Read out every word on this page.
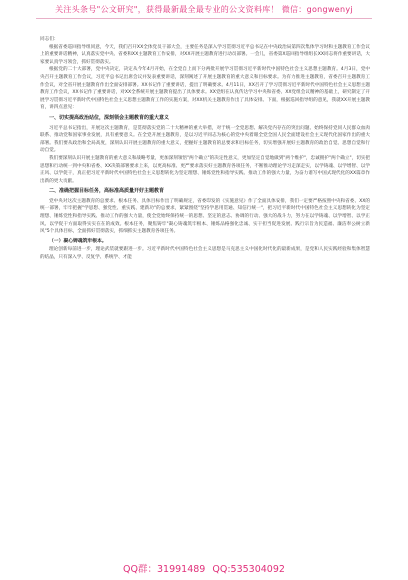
关注头条号"公文研究"，获得最新最全最专业的公文资料库！ 微信：gongwenyj

同志们：

根据省委巡回指导组同意，今天，我们召开XX全体党员干部大会，主要任务是深入学习贯彻习近平总书记在中央政治局第四次集体学习时和主题教育工作会议上的重要讲话精神，认真落实党中央、省委和XX主题教育工作安排，对XX开展主题教育进行动员部署。一会儿，省委第X巡回指导组组长XX同志将作重要讲话，大家要认真学习领会，抓好贯彻落实。

根据党的二十大部署，党中央决定，决定从今年4月开始，在全党自上而下分两批开展学习贯彻习近平新时代中国特色社会主义思想主题教育。4月3日，党中央召开主题教育工作会议，习近平总书记出席会议并发表重要讲话，深刻阐述了开展主题教育的重大意义和目标要求。为有力推进主题教育，省委召开主题教育工作会议，对全省开展主题教育作出全面安排部署。XX书记作了重要讲话，提出了明确要求。4月11日，XX召开了学习贯彻习近平新时代中国特色社会主义思想主题教育工作会议，XX书记作了重要讲话，对XX全系统开展主题教育提出了具体要求。XX党组在认真传达学习中央和省委、XX党组会议精神的基础上，研究制定了开展学习贯彻习近平新时代中国特色社会主义思想主题教育工作的实施方案，对XX机关主题教育作出了具体安排。下面，根据巡回指导组的意见，我就XX开展主题教育，讲四点意见：

一、切实提高政治站位，深刻领会主题教育的重大意义

习近平总书记指出，开展这次主题教育，是贯彻落实党的二十大精神的重大举措，对于统一全党思想、解决党内存在的突出问题、始终保持党同人民群众血肉联系、推动党和国家事业发展，具有重要意义。在全党开展主题教育，是以习近平同志为核心的党中央着眼全党全国人民全面建设社会主义现代化国家作出的重大部署。我们要从政治和全局高度，深刻认识开展主题教育的重大意义，把握好主题教育的总要求和目标任务，切实增强开展好主题教育的政治自觉、思想自觉和行动自觉。

我们要深刻认识开展主题教育的重大意义和战略考量，更加深刻领悟"两个确立"的决定性意义，更加坚定自觉地做到"两个维护"，忠诚拥护"两个确立"，切实把思想和行动统一到中央和省委、XX决策部署要求上来，以更高标准、更严要求落实好主题教育各项任务，不断推动理论学习走深走实，以学铸魂、以学增智、以学正风、以学促干，真正把习近平新时代中国特色社会主义思想转化为坚定理想、锤炼党性和指导实践、推动工作的强大力量，为奋力谱写中国式现代化的XX篇章作出新的更大贡献。

二、准确把握目标任务，高标准高质量开好主题教育

党中央对这次主题教育的总要求、根本任务、具体目标作出了明确规定，省委印发的《实施意见》作了全面具体安排，我们一定要严格按照中央和省委、XX的统一部署，牢牢把握"学思想、强党性、重实践、建新功"的总要求，紧紧围绕"坚持学思用贯通、知信行统一"，把习近平新时代中国特色社会主义思想转化为坚定理想、锤炼党性和指导实践、推动工作的强大力量，使全党始终保持统一的思想、坚定的意志、协调的行动、强大的战斗力，努力在以学铸魂、以学增智、以学正风、以学促干方面取得实实在在的成效。根本任务，聚焦铸牢"凝心铸魂筑牢根本、锤炼品格强化忠诚、实干担当促进发展、践行宗旨为民造福、廉洁奉公树立新风"5个具体目标，全面抓好贯彻落实，抓细抓实主题教育各项任务。

（一）凝心铸魂筑牢根本。

理论创新每前进一步，理论武装就要跟进一步。习近平新时代中国特色社会主义思想是马克思主义中国化时代化的最新成果，是党和人民实践经验和集体智慧的结晶，只有深入学、反复学、系统学、才能

QQ群：31991489 QQ:535304092
